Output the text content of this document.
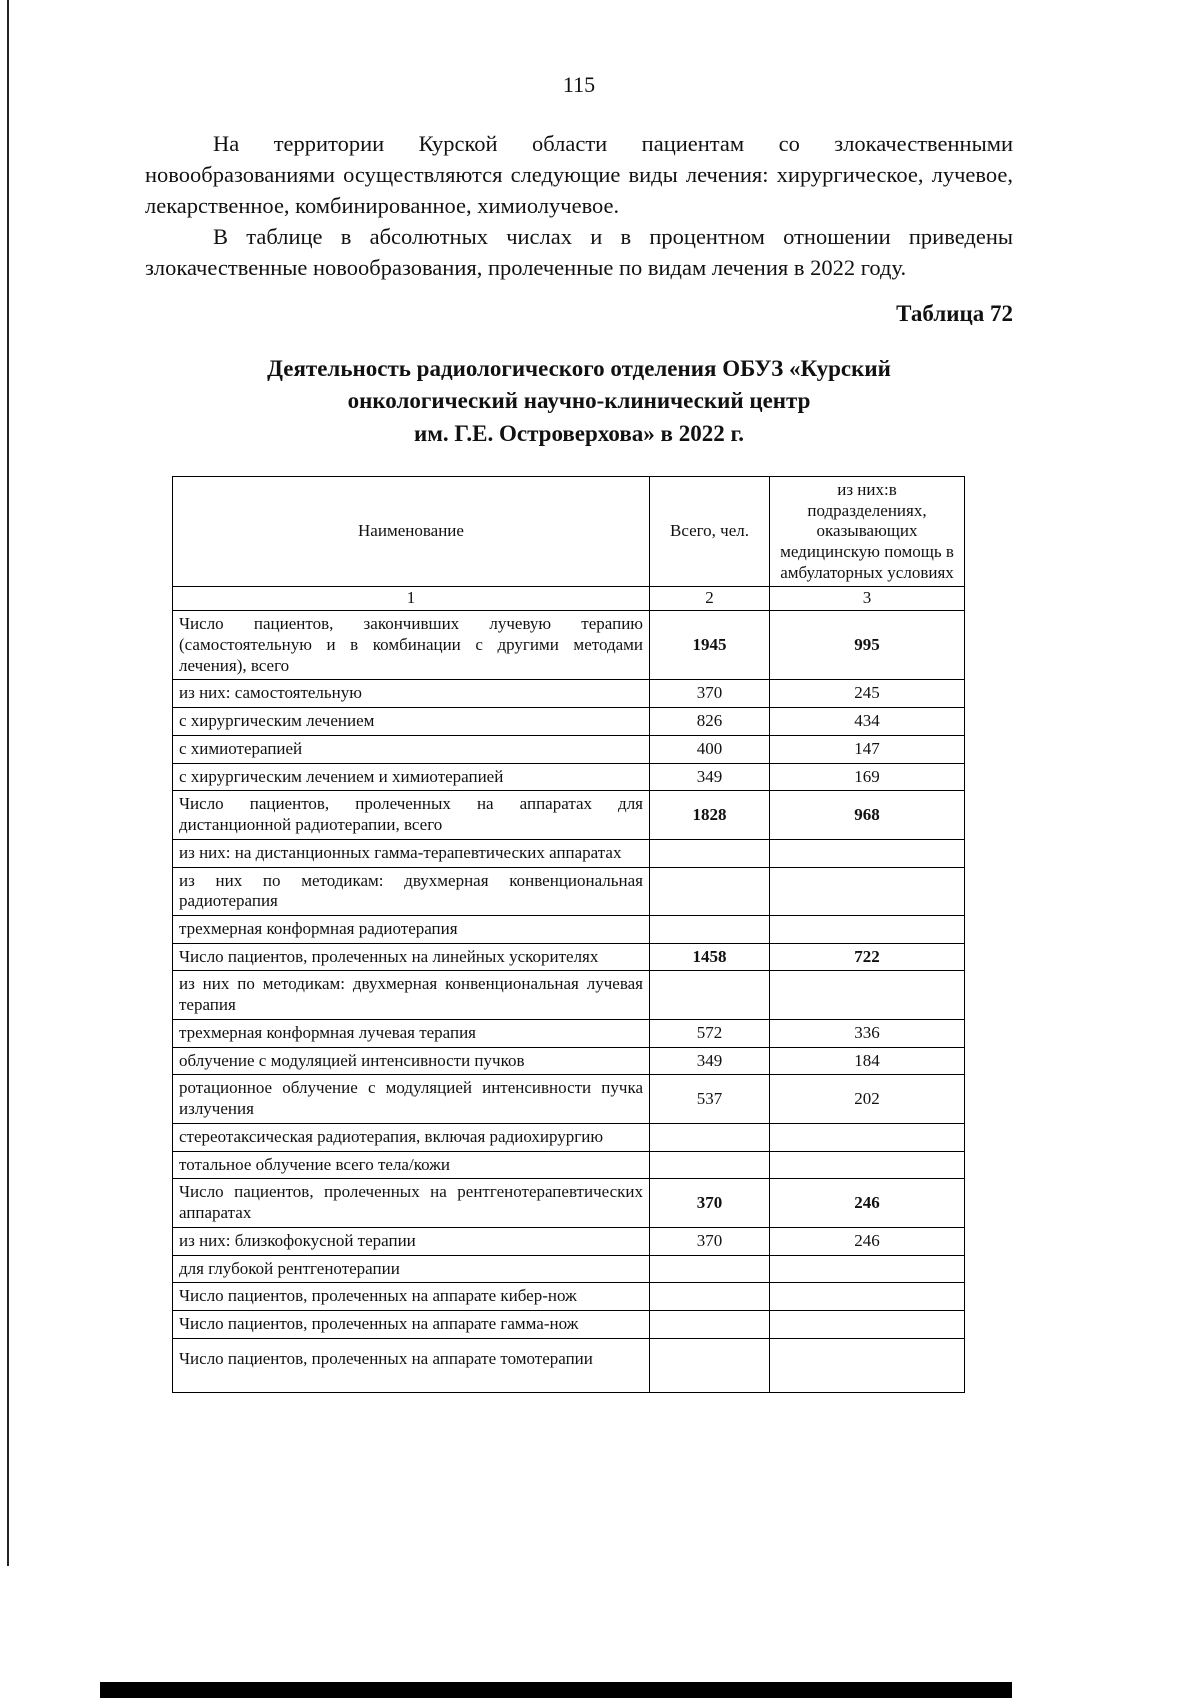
115

На территории Курской области пациентам со злокачественными новообразованиями осуществляются следующие виды лечения: хирургическое, лучевое, лекарственное, комбинированное, химиолучевое.

В таблице в абсолютных числах и в процентном отношении приведены злокачественные новообразования, пролеченные по видам лечения в 2022 году.

Таблица 72
Деятельность радиологического отделения ОБУЗ «Курский
онкологический научно-клинический центр
им. Г.Е. Островерхова» в 2022 г.
Наименование	Всего, чел.	из них:в подразделениях, оказывающих медицинскую помощь в амбулаторных условиях
1	2	3
Число пациентов, закончивших лучевую терапию (самостоятельную и в комбинации с другими методами лечения), всего	1945	995
из них: самостоятельную	370	245
с хирургическим лечением	826	434
с химиотерапией	400	147
с хирургическим лечением и химиотерапией	349	169
Число пациентов, пролеченных на аппаратах для дистанционной радиотерапии, всего	1828	968
из них: на дистанционных гамма-терапевтических аппаратах		
из них по методикам: двухмерная конвенциональная радиотерапия		
трехмерная конформная радиотерапия		
Число пациентов, пролеченных на линейных ускорителях	1458	722
из них по методикам: двухмерная конвенциональная лучевая терапия		
трехмерная конформная лучевая терапия	572	336
облучение с модуляцией интенсивности пучков	349	184
ротационное облучение с модуляцией интенсивности пучка излучения	537	202
стереотаксическая радиотерапия, включая радиохирургию		
тотальное облучение всего тела/кожи		
Число пациентов, пролеченных на рентгенотерапевтических аппаратах	370	246
из них: близкофокусной терапии	370	246
для глубокой рентгенотерапии		
Число пациентов, пролеченных на аппарате кибер-нож		
Число пациентов, пролеченных на аппарате гамма-нож		
Число пациентов, пролеченных на аппарате томотерапии		
